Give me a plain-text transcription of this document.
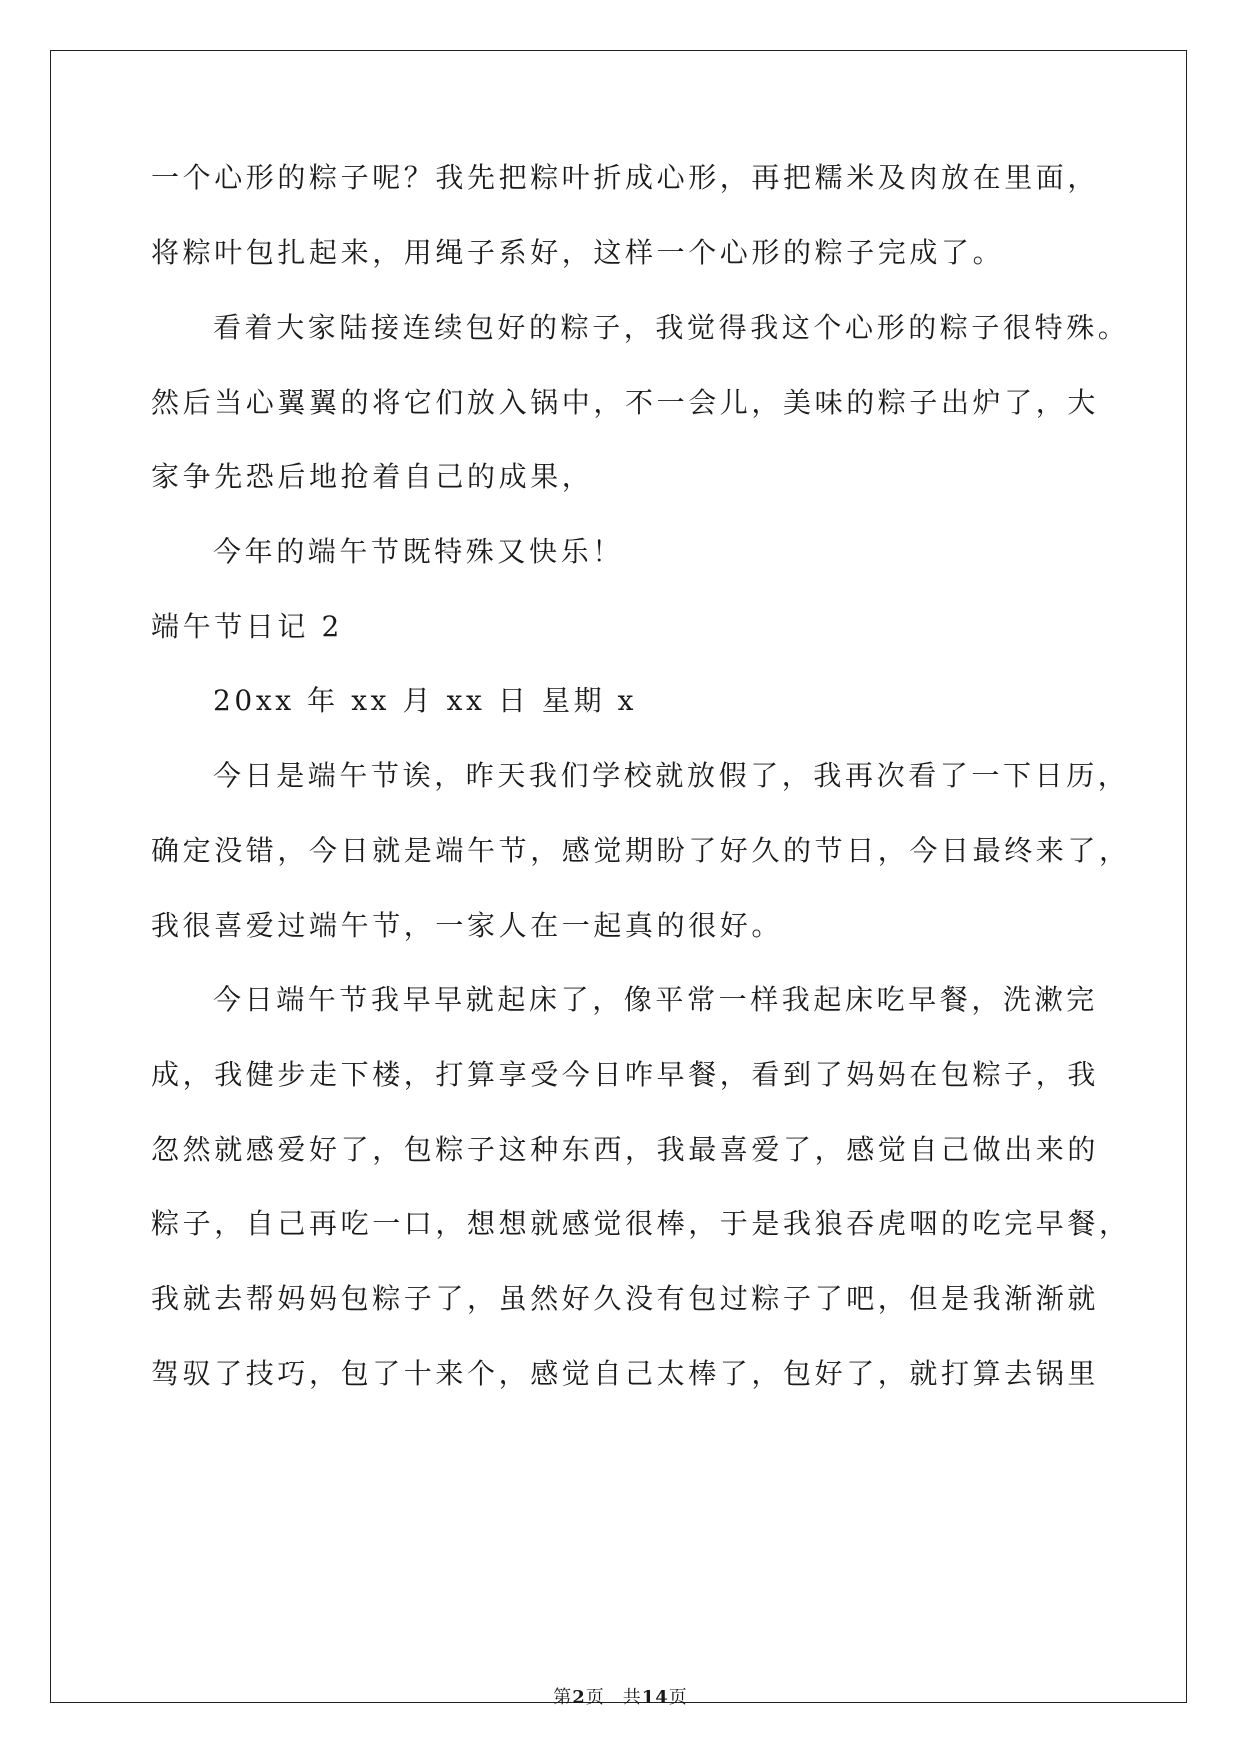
一个心形的粽子呢？我先把粽叶折成心形，再把糯米及肉放在里面，
将粽叶包扎起来，用绳子系好，这样一个心形的粽子完成了。
看着大家陆接连续包好的粽子，我觉得我这个心形的粽子很特殊。
然后当心翼翼的将它们放入锅中，不一会儿，美味的粽子出炉了，大
家争先恐后地抢着自己的成果，
今年的端午节既特殊又快乐！
端午节日记 2
20xx 年 xx 月 xx 日 星期 x
今日是端午节诶，昨天我们学校就放假了，我再次看了一下日历，
确定没错，今日就是端午节，感觉期盼了好久的节日，今日最终来了，
我很喜爱过端午节，一家人在一起真的很好。
今日端午节我早早就起床了，像平常一样我起床吃早餐，洗漱完
成，我健步走下楼，打算享受今日咋早餐，看到了妈妈在包粽子，我
忽然就感爱好了，包粽子这种东西，我最喜爱了，感觉自己做出来的
粽子，自己再吃一口，想想就感觉很棒，于是我狼吞虎咽的吃完早餐，
我就去帮妈妈包粽子了，虽然好久没有包过粽子了吧，但是我渐渐就
驾驭了技巧，包了十来个，感觉自己太棒了，包好了，就打算去锅里
第2页 共14页
